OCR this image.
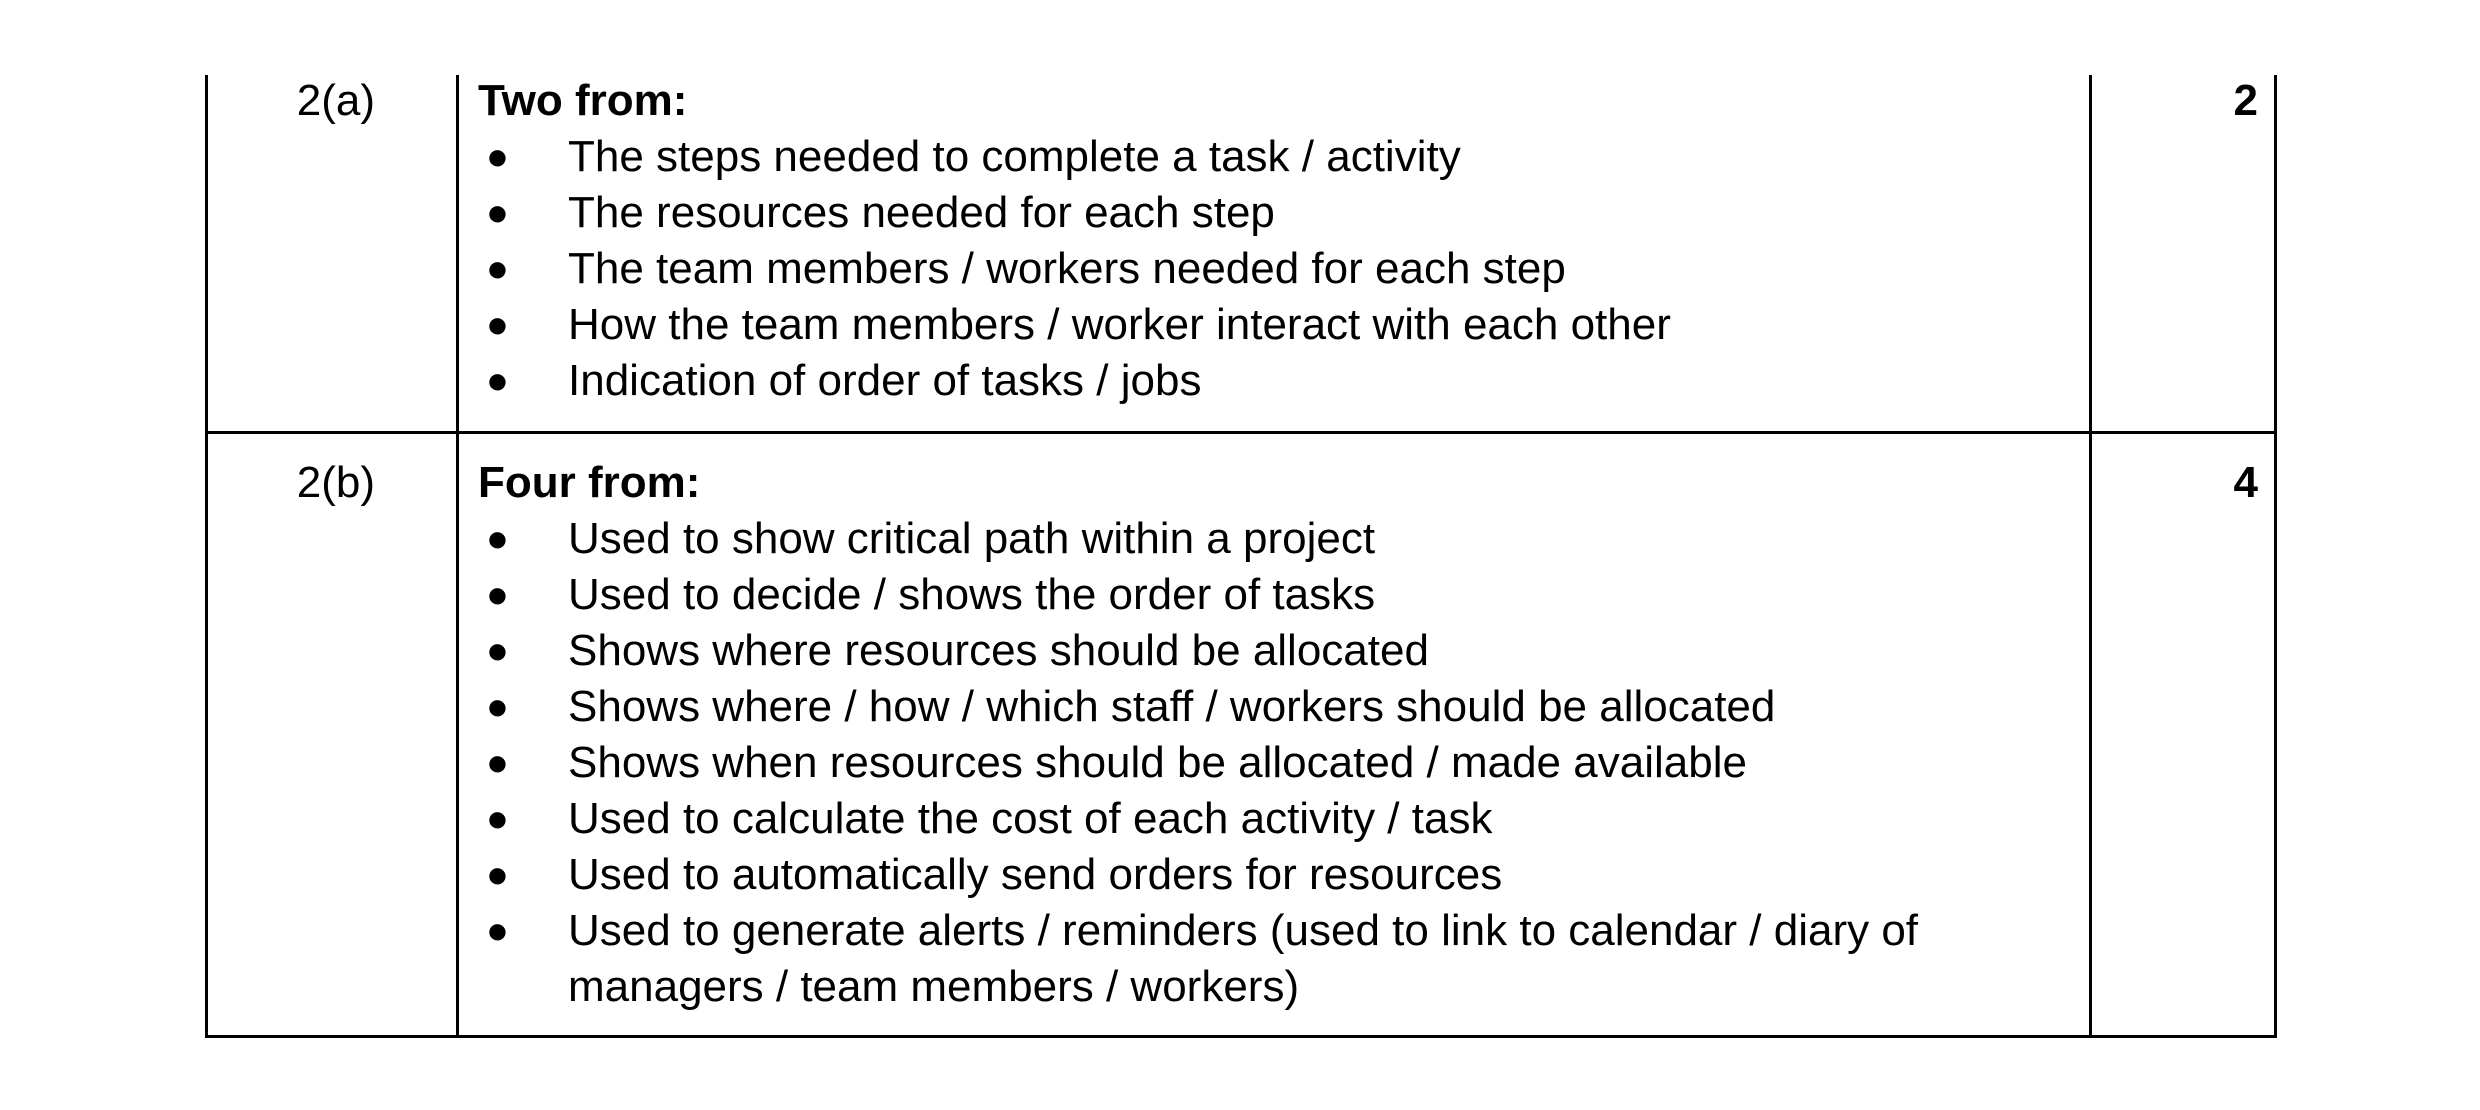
2(a) Two from:

● The steps needed to complete a task / activity
● The resources needed for each step
● The team members / workers needed for each step
● How the team members / worker interact with each other
● Indication of order of tasks / jobs
2
2(b) Four from:

● Used to show critical path within a project
● Used to decide / shows the order of tasks
● Shows where resources should be allocated
● Shows where / how / which staff / workers should be allocated
● Shows when resources should be allocated / made available
● Used to calculate the cost of each activity / task
● Used to automatically send orders for resources
● Used to generate alerts / reminders (used to link to calendar / diary of managers / team members / workers)
4
